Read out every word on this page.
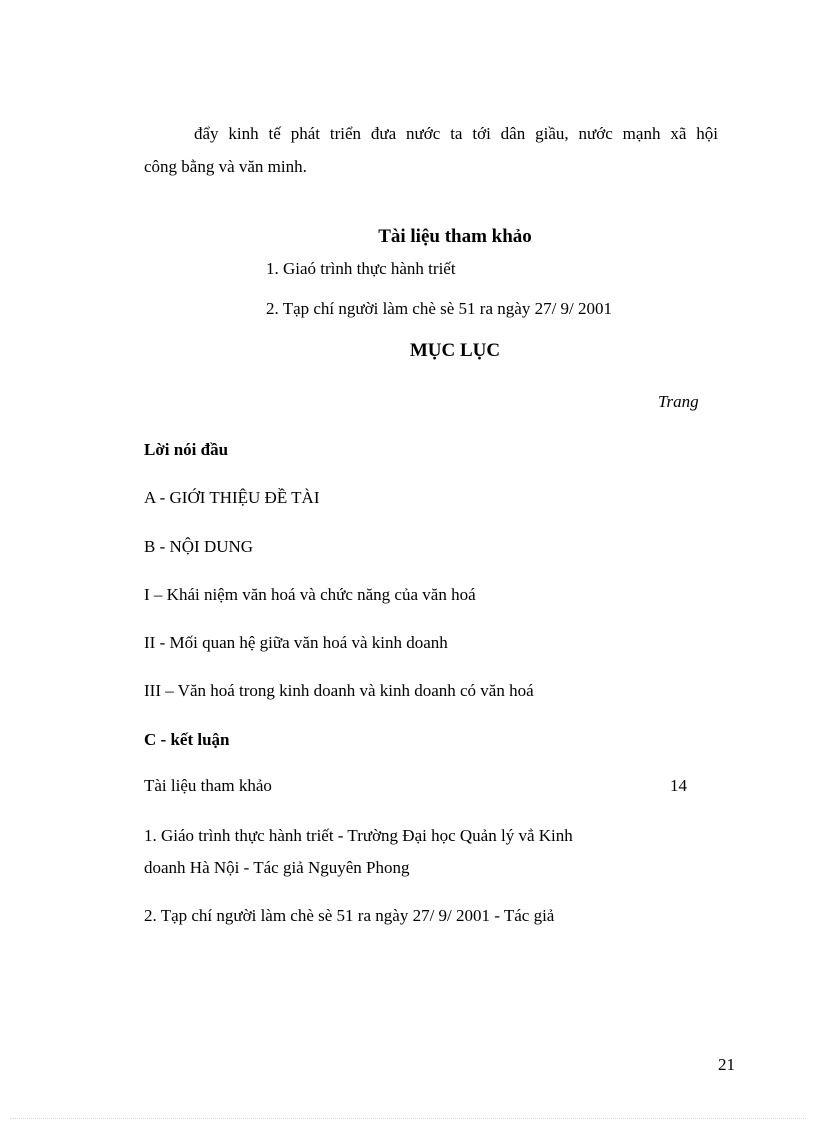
đẩy kinh tế phát triển đưa nước ta tới dân giầu, nước mạnh xã hội

công bằng và văn minh.

Tài liệu tham khảo

1. Giaó trình thực hành triết

2. Tạp chí người làm chè sè 51 ra ngày 27/ 9/ 2001

MỤC LỤC

Trang

Lời nói đầu

A - GIỚI THIỆU ĐỀ TÀI

B - NỘI DUNG

I – Khái niệm văn hoá và chức năng của văn hoá

II - Mối quan hệ giữa văn hoá và kinh doanh

III – Văn hoá trong kinh doanh và kinh doanh có văn hoá

C - kết luận

Tài liệu tham khảo	14

1. Giáo trình thực hành triết - Trường Đại học Quản lý vẳ Kinh

doanh Hà Nội - Tác giả Nguyên Phong

2. Tạp chí người làm chè sè 51 ra ngày 27/ 9/ 2001 - Tác giả

21
